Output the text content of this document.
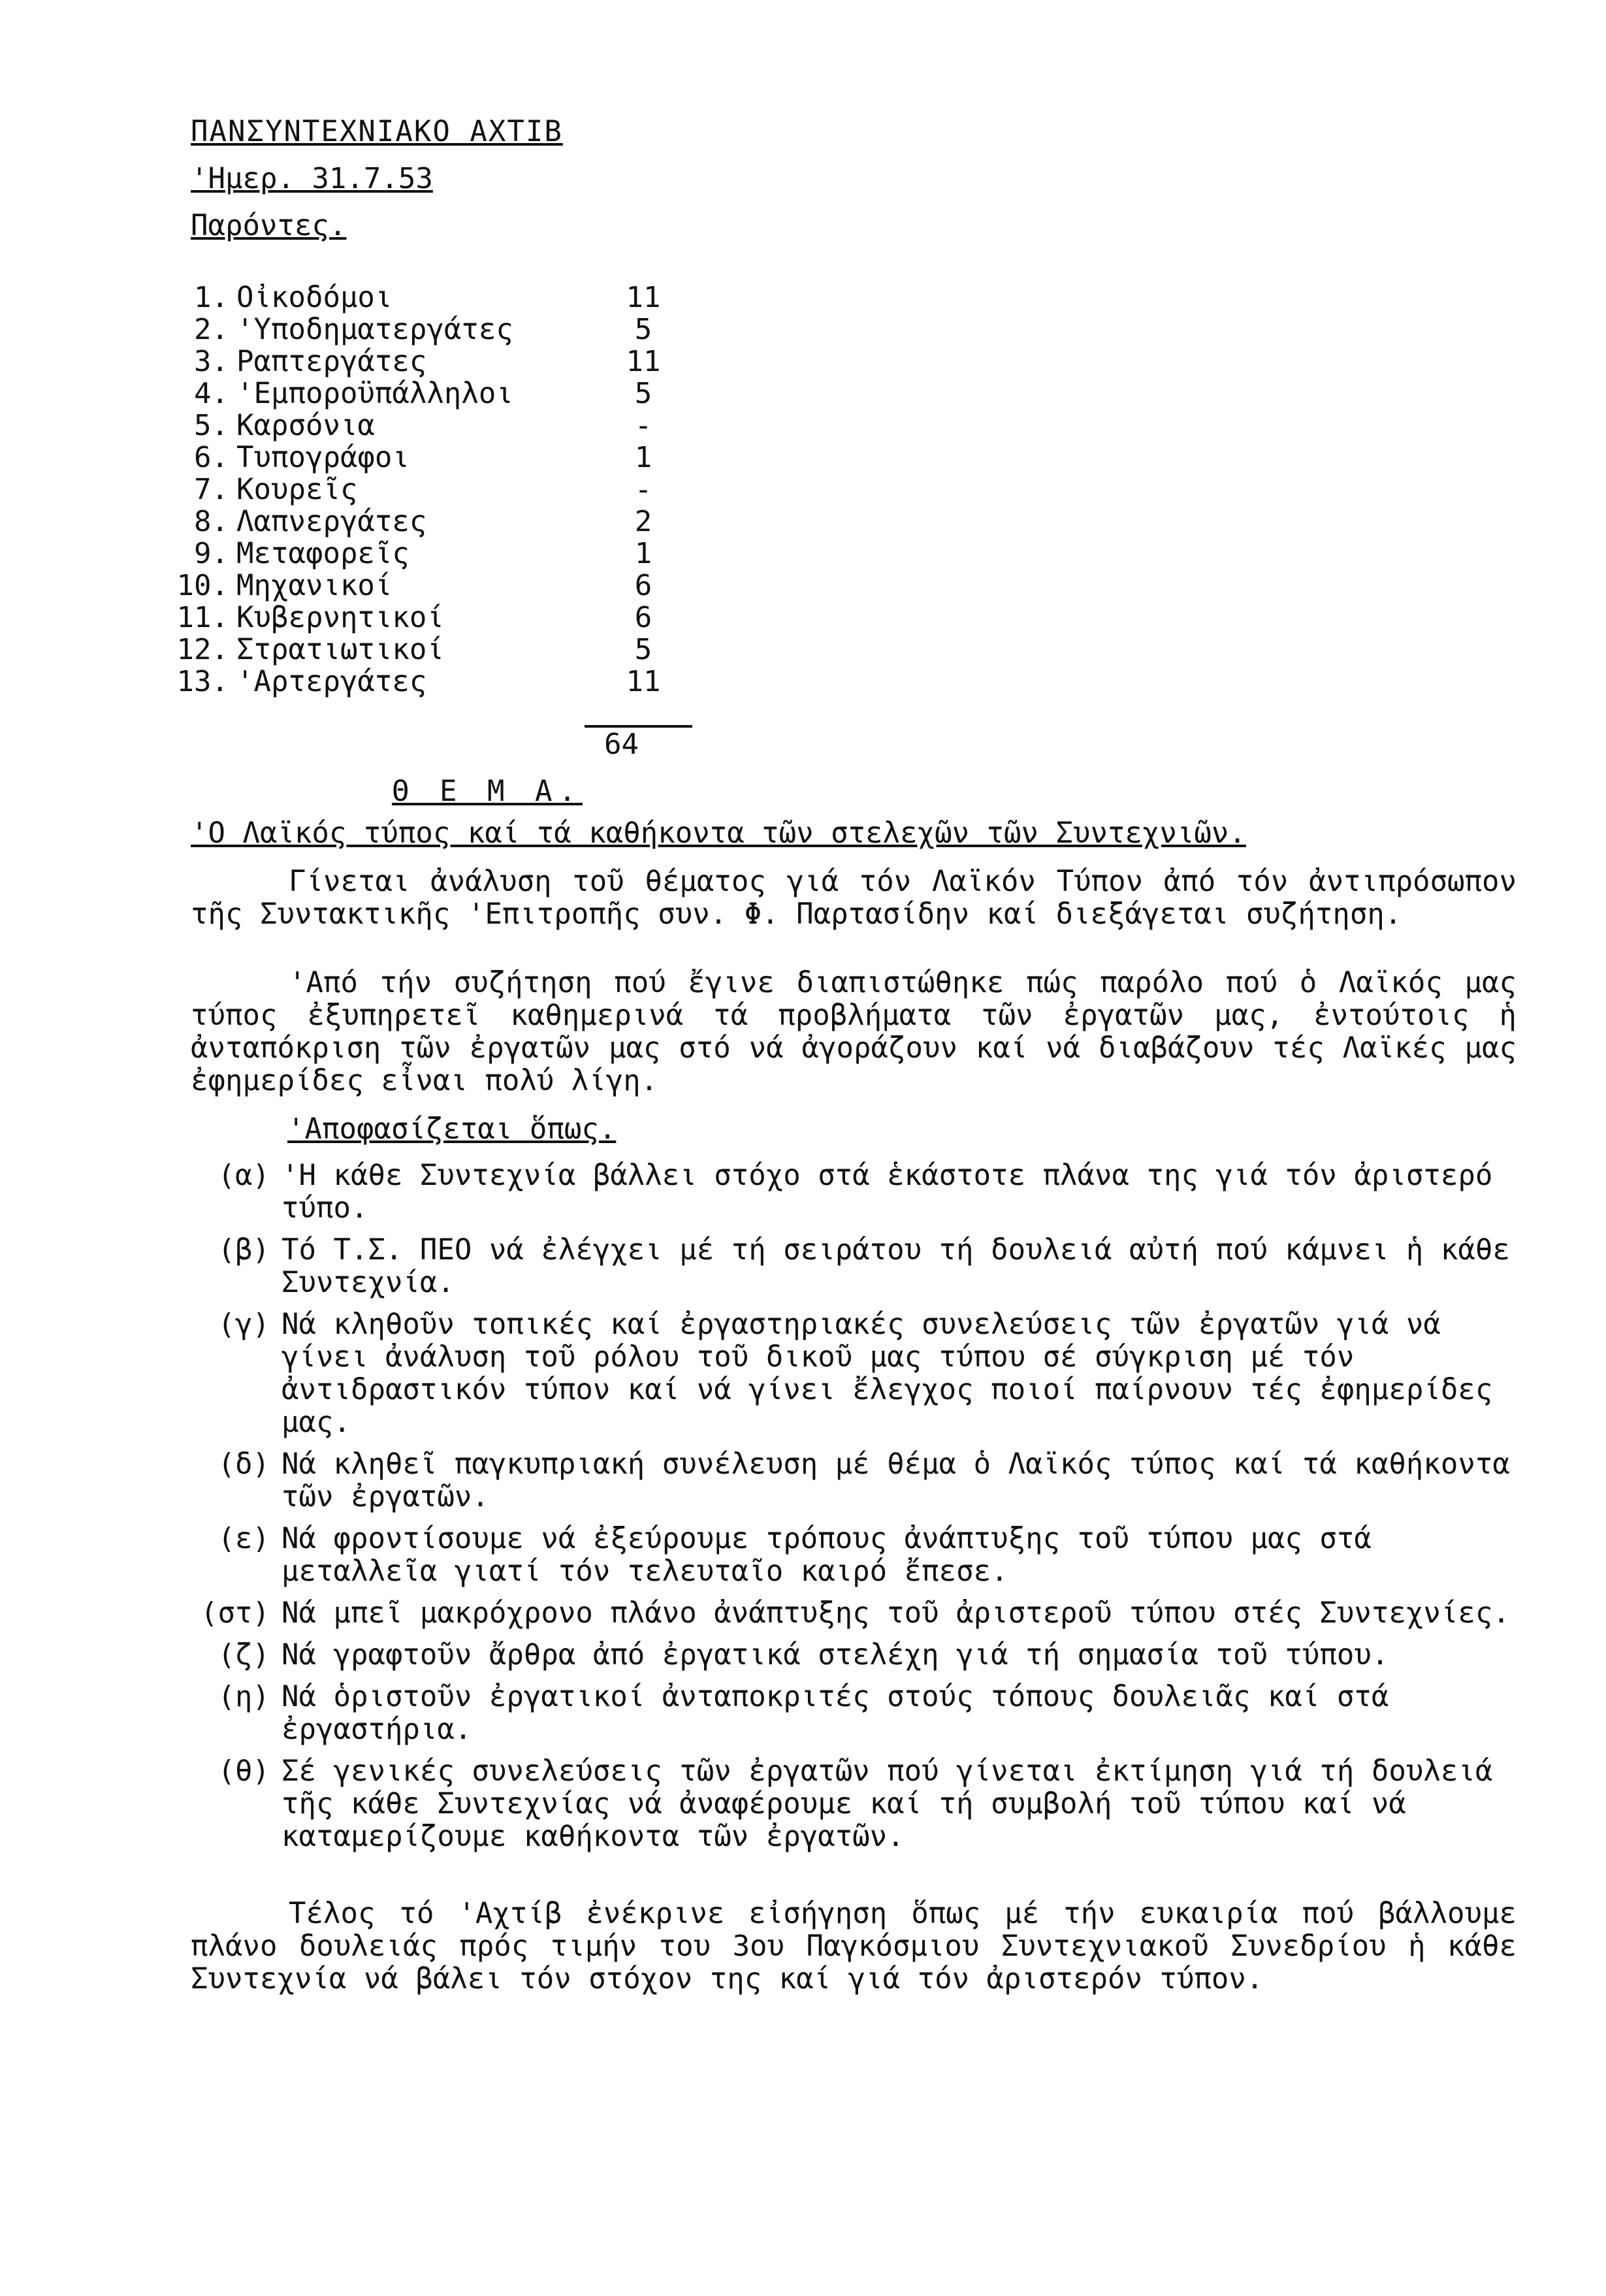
ΠΑΝΣΥΝΤΕΧΝΙΑΚΟ ΑΧΤΙΒ
'Ημερ. 31.7.53
Παρόντες.
1. Οἰκοδόμοι	11
2. 'Υποδηματεργάτες	5
3. Ραπτεργάτες	11
4. 'Εμποροϋπάλληλοι	5
5. Καρσόνια	-
6. Τυπογράφοι	1
7. Κουρεῖς	-
8. Λαπνεργάτες	2
9. Μεταφορεῖς	1
10. Μηχανικοί	6
11. Κυβερνητικοί	6
12. Στρατιωτικοί	5
13. 'Αρτεργάτες	11
64
Θ Ε Μ Α.
'Ο Λαϊκός τύπος καί τά καθήκοντα τῶν στελεχῶν τῶν Συντεχνιῶν.
Γίνεται ἀνάλυση τοῦ θέματος γιά τόν Λαϊκόν Τύπον ἀπό τόν ἀντιπρόσωπον τῆς Συντακτικῆς 'Επιτροπῆς συν. Φ. Παρτασίδην καί διεξάγεται συζήτηση.
'Από τήν συζήτηση πού ἔγινε διαπιστώθηκε πώς παρόλο πού ὁ Λαϊκός μας τύπος ἐξυπηρετεῖ καθημερινά τά προβλήματα τῶν ἐργατῶν μας, ἐντούτοις ἡ ἀνταπόκριση τῶν ἐργατῶν μας στό νά ἀγοράζουν καί νά διαβάζουν τές Λαϊκές μας ἐφημερίδες εἶναι πολύ λίγη.
'Αποφασίζεται ὅπως.
(α) 'Η κάθε Συντεχνία βάλλει στόχο στά ἑκάστοτε πλάνα της γιά τόν ἀριστερό τύπο.
(β) Τό Τ.Σ. ΠΕΟ νά ἐλέγχει μέ τή σειράτου τή δουλειά αὐτή πού κάμνει ἡ κάθε Συντεχνία.
(γ) Νά κληθοῦν τοπικές καί ἐργαστηριακές συνελεύσεις τῶν ἐργατῶν γιά νά γίνει ἀνάλυση τοῦ ρόλου τοῦ δικοῦ μας τύπου σέ σύγκριση μέ τόν ἀντιδραστικόν τύπον καί νά γίνει ἔλεγχος ποιοί παίρνουν τές ἐφημερίδες μας.
(δ) Νά κληθεῖ παγκυπριακή συνέλευση μέ θέμα ὁ Λαϊκός τύπος καί τά καθήκοντα τῶν ἐργατῶν.
(ε) Νά φροντίσουμε νά ἐξεύρουμε τρόπους ἀνάπτυξης τοῦ τύπου μας στά μεταλλεῖα γιατί τόν τελευταῖο καιρό ἔπεσε.
(στ) Νά μπεῖ μακρόχρονο πλάνο ἀνάπτυξης τοῦ ἀριστεροῦ τύπου στές Συντεχνίες.
(ζ) Νά γραφτοῦν ἄρθρα ἀπό ἐργατικά στελέχη γιά τή σημασία τοῦ τύπου.
(η) Νά ὁριστοῦν ἐργατικοί ἀνταποκριτές στούς τόπους δουλειᾶς καί στά ἐργαστήρια.
(θ) Σέ γενικές συνελεύσεις τῶν ἐργατῶν πού γίνεται ἐκτίμηση γιά τή δουλειά τῆς κάθε Συντεχνίας νά ἀναφέρουμε καί τή συμβολή τοῦ τύπου καί νά καταμερίζουμε καθήκοντα τῶν ἐργατῶν.
Τέλος τό 'Αχτίβ ἐνέκρινε εἰσήγηση ὅπως μέ τήν ευκαιρία πού βάλλουμε πλάνο δουλειάς πρός τιμήν του 3ου Παγκόσμιου Συντεχνιακοῦ Συνεδρίου ἡ κάθε Συντεχνία νά βάλει τόν στόχον της καί γιά τόν ἀριστερόν τύπον.
